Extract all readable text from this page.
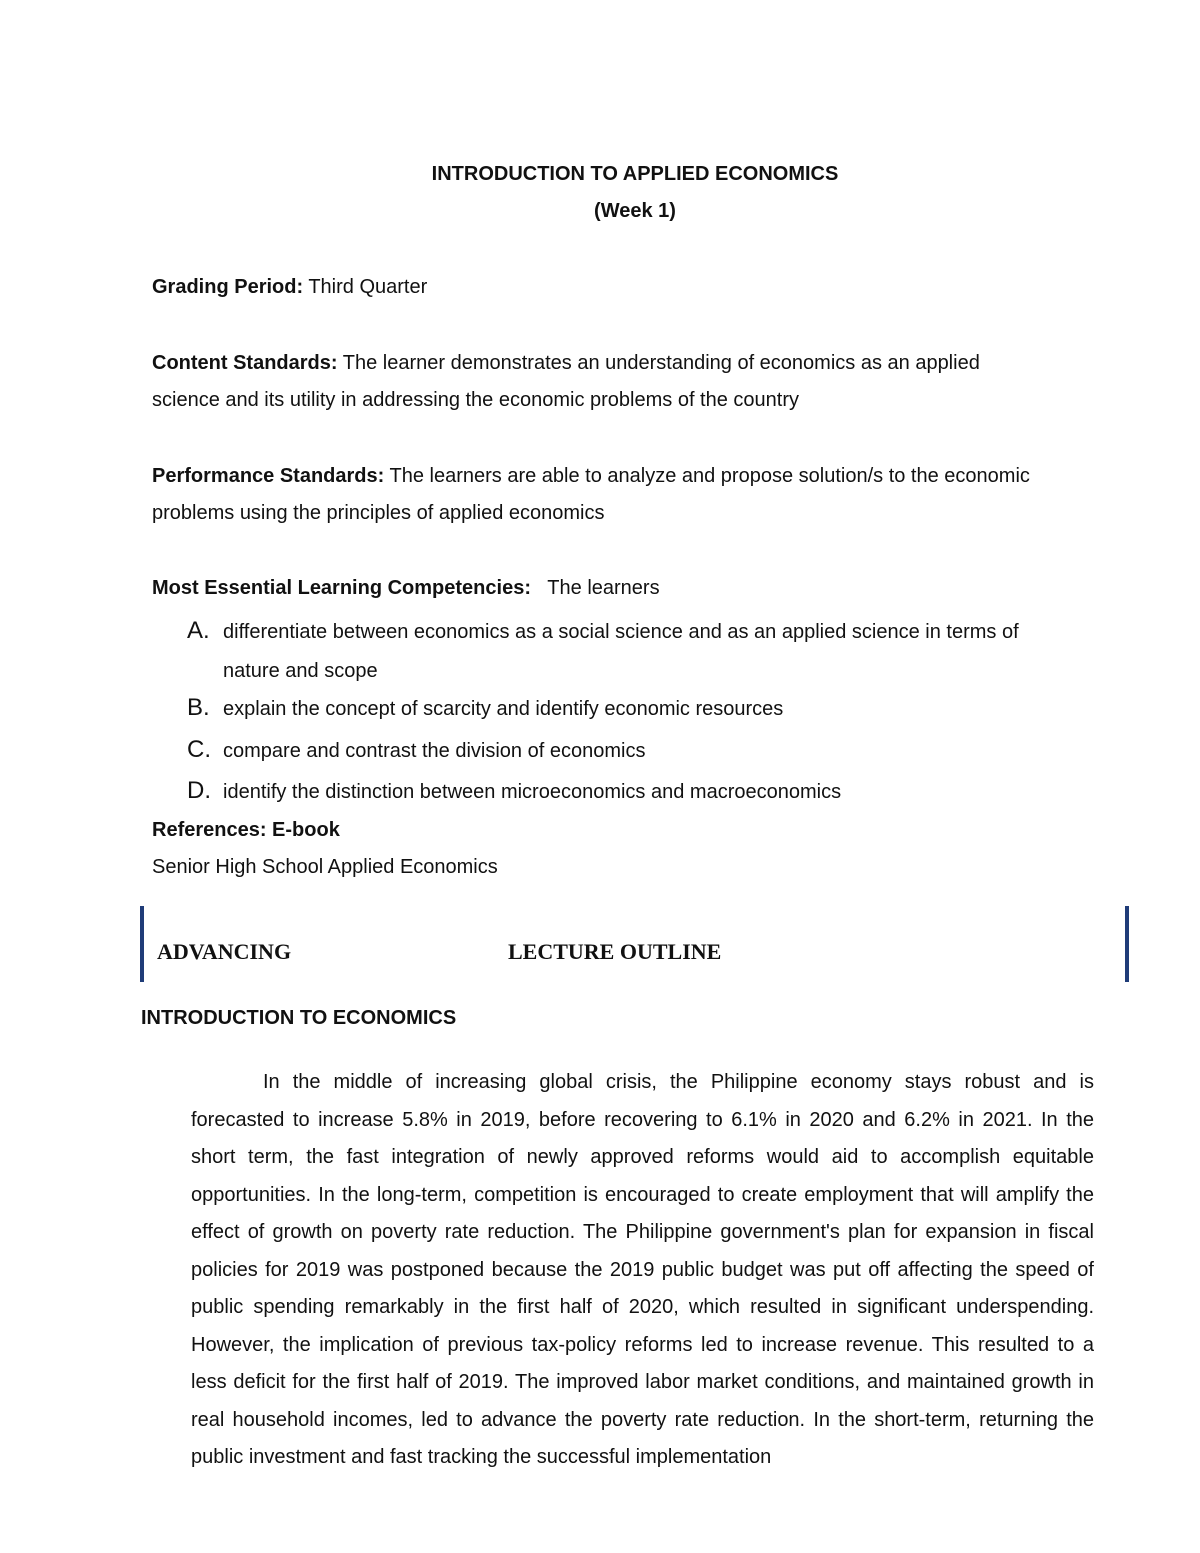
INTRODUCTION TO APPLIED ECONOMICS
(Week 1)
Grading Period: Third Quarter
Content Standards: The learner demonstrates an understanding of economics as an applied
science and its utility in addressing the economic problems of the country
Performance Standards: The learners are able to analyze and propose solution/s to the economic
problems using the principles of applied economics
Most Essential Learning Competencies:   The learners
A. differentiate between economics as a social science and as an applied science in terms of
nature and scope
B. explain the concept of scarcity and identify economic resources
C. compare and contrast the division of economics
D. identify the distinction between microeconomics and macroeconomics
References: E-book
Senior High School Applied Economics
ADVANCING	LECTURE OUTLINE
INTRODUCTION TO ECONOMICS
In the middle of increasing global crisis, the Philippine economy stays robust and is
forecasted to increase 5.8% in 2019, before recovering to 6.1% in 2020 and 6.2% in 2021. In the
short term, the fast integration of newly approved reforms would aid to accomplish equitable
opportunities. In the long-term, competition is encouraged to create employment that will amplify the
effect of growth on poverty rate reduction. The Philippine government's plan for expansion in fiscal
policies for 2019 was postponed because the 2019 public budget was put off affecting the speed of
public spending remarkably in the first half of 2020, which resulted in significant underspending.
However, the implication of previous tax-policy reforms led to increase revenue. This resulted to a
less deficit for the first half of 2019. The improved labor market conditions, and maintained growth in
real household incomes, led to advance the poverty rate reduction. In the short-term, returning the
public investment and fast tracking the successful implementation
